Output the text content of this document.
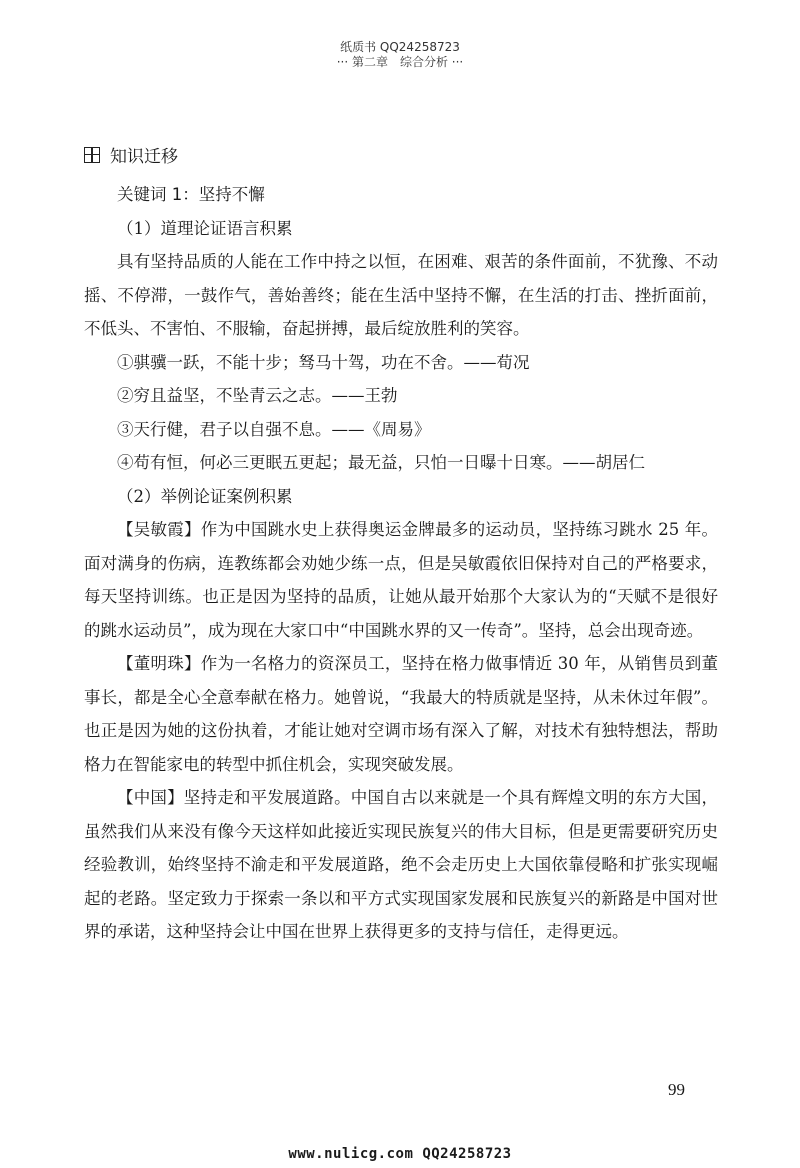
纸质书 QQ24258723
··· 第二章　综合分析 ···
知识迁移

关键词 1：坚持不懈

（1）道理论证语言积累

具有坚持品质的人能在工作中持之以恒，在困难、艰苦的条件面前，不犹豫、不动摇、不停滞，一鼓作气，善始善终；能在生活中坚持不懈，在生活的打击、挫折面前，不低头、不害怕、不服输，奋起拼搏，最后绽放胜利的笑容。

①骐骥一跃，不能十步；驽马十驾，功在不舍。——荀况

②穷且益坚，不坠青云之志。——王勃

③天行健，君子以自强不息。——《周易》

④苟有恒，何必三更眠五更起；最无益，只怕一日曝十日寒。——胡居仁

（2）举例论证案例积累

【吴敏霞】作为中国跳水史上获得奥运金牌最多的运动员，坚持练习跳水 25 年。面对满身的伤病，连教练都会劝她少练一点，但是吴敏霞依旧保持对自己的严格要求，每天坚持训练。也正是因为坚持的品质，让她从最开始那个大家认为的“天赋不是很好的跳水运动员”，成为现在大家口中“中国跳水界的又一传奇”。坚持，总会出现奇迹。

【董明珠】作为一名格力的资深员工，坚持在格力做事情近 30 年，从销售员到董事长，都是全心全意奉献在格力。她曾说，“我最大的特质就是坚持，从未休过年假”。也正是因为她的这份执着，才能让她对空调市场有深入了解，对技术有独特想法，帮助格力在智能家电的转型中抓住机会，实现突破发展。

【中国】坚持走和平发展道路。中国自古以来就是一个具有辉煌文明的东方大国，虽然我们从来没有像今天这样如此接近实现民族复兴的伟大目标，但是更需要研究历史经验教训，始终坚持不渝走和平发展道路，绝不会走历史上大国依靠侵略和扩张实现崛起的老路。坚定致力于探索一条以和平方式实现国家发展和民族复兴的新路是中国对世界的承诺，这种坚持会让中国在世界上获得更多的支持与信任，走得更远。

99
www.nulicg.com QQ24258723
